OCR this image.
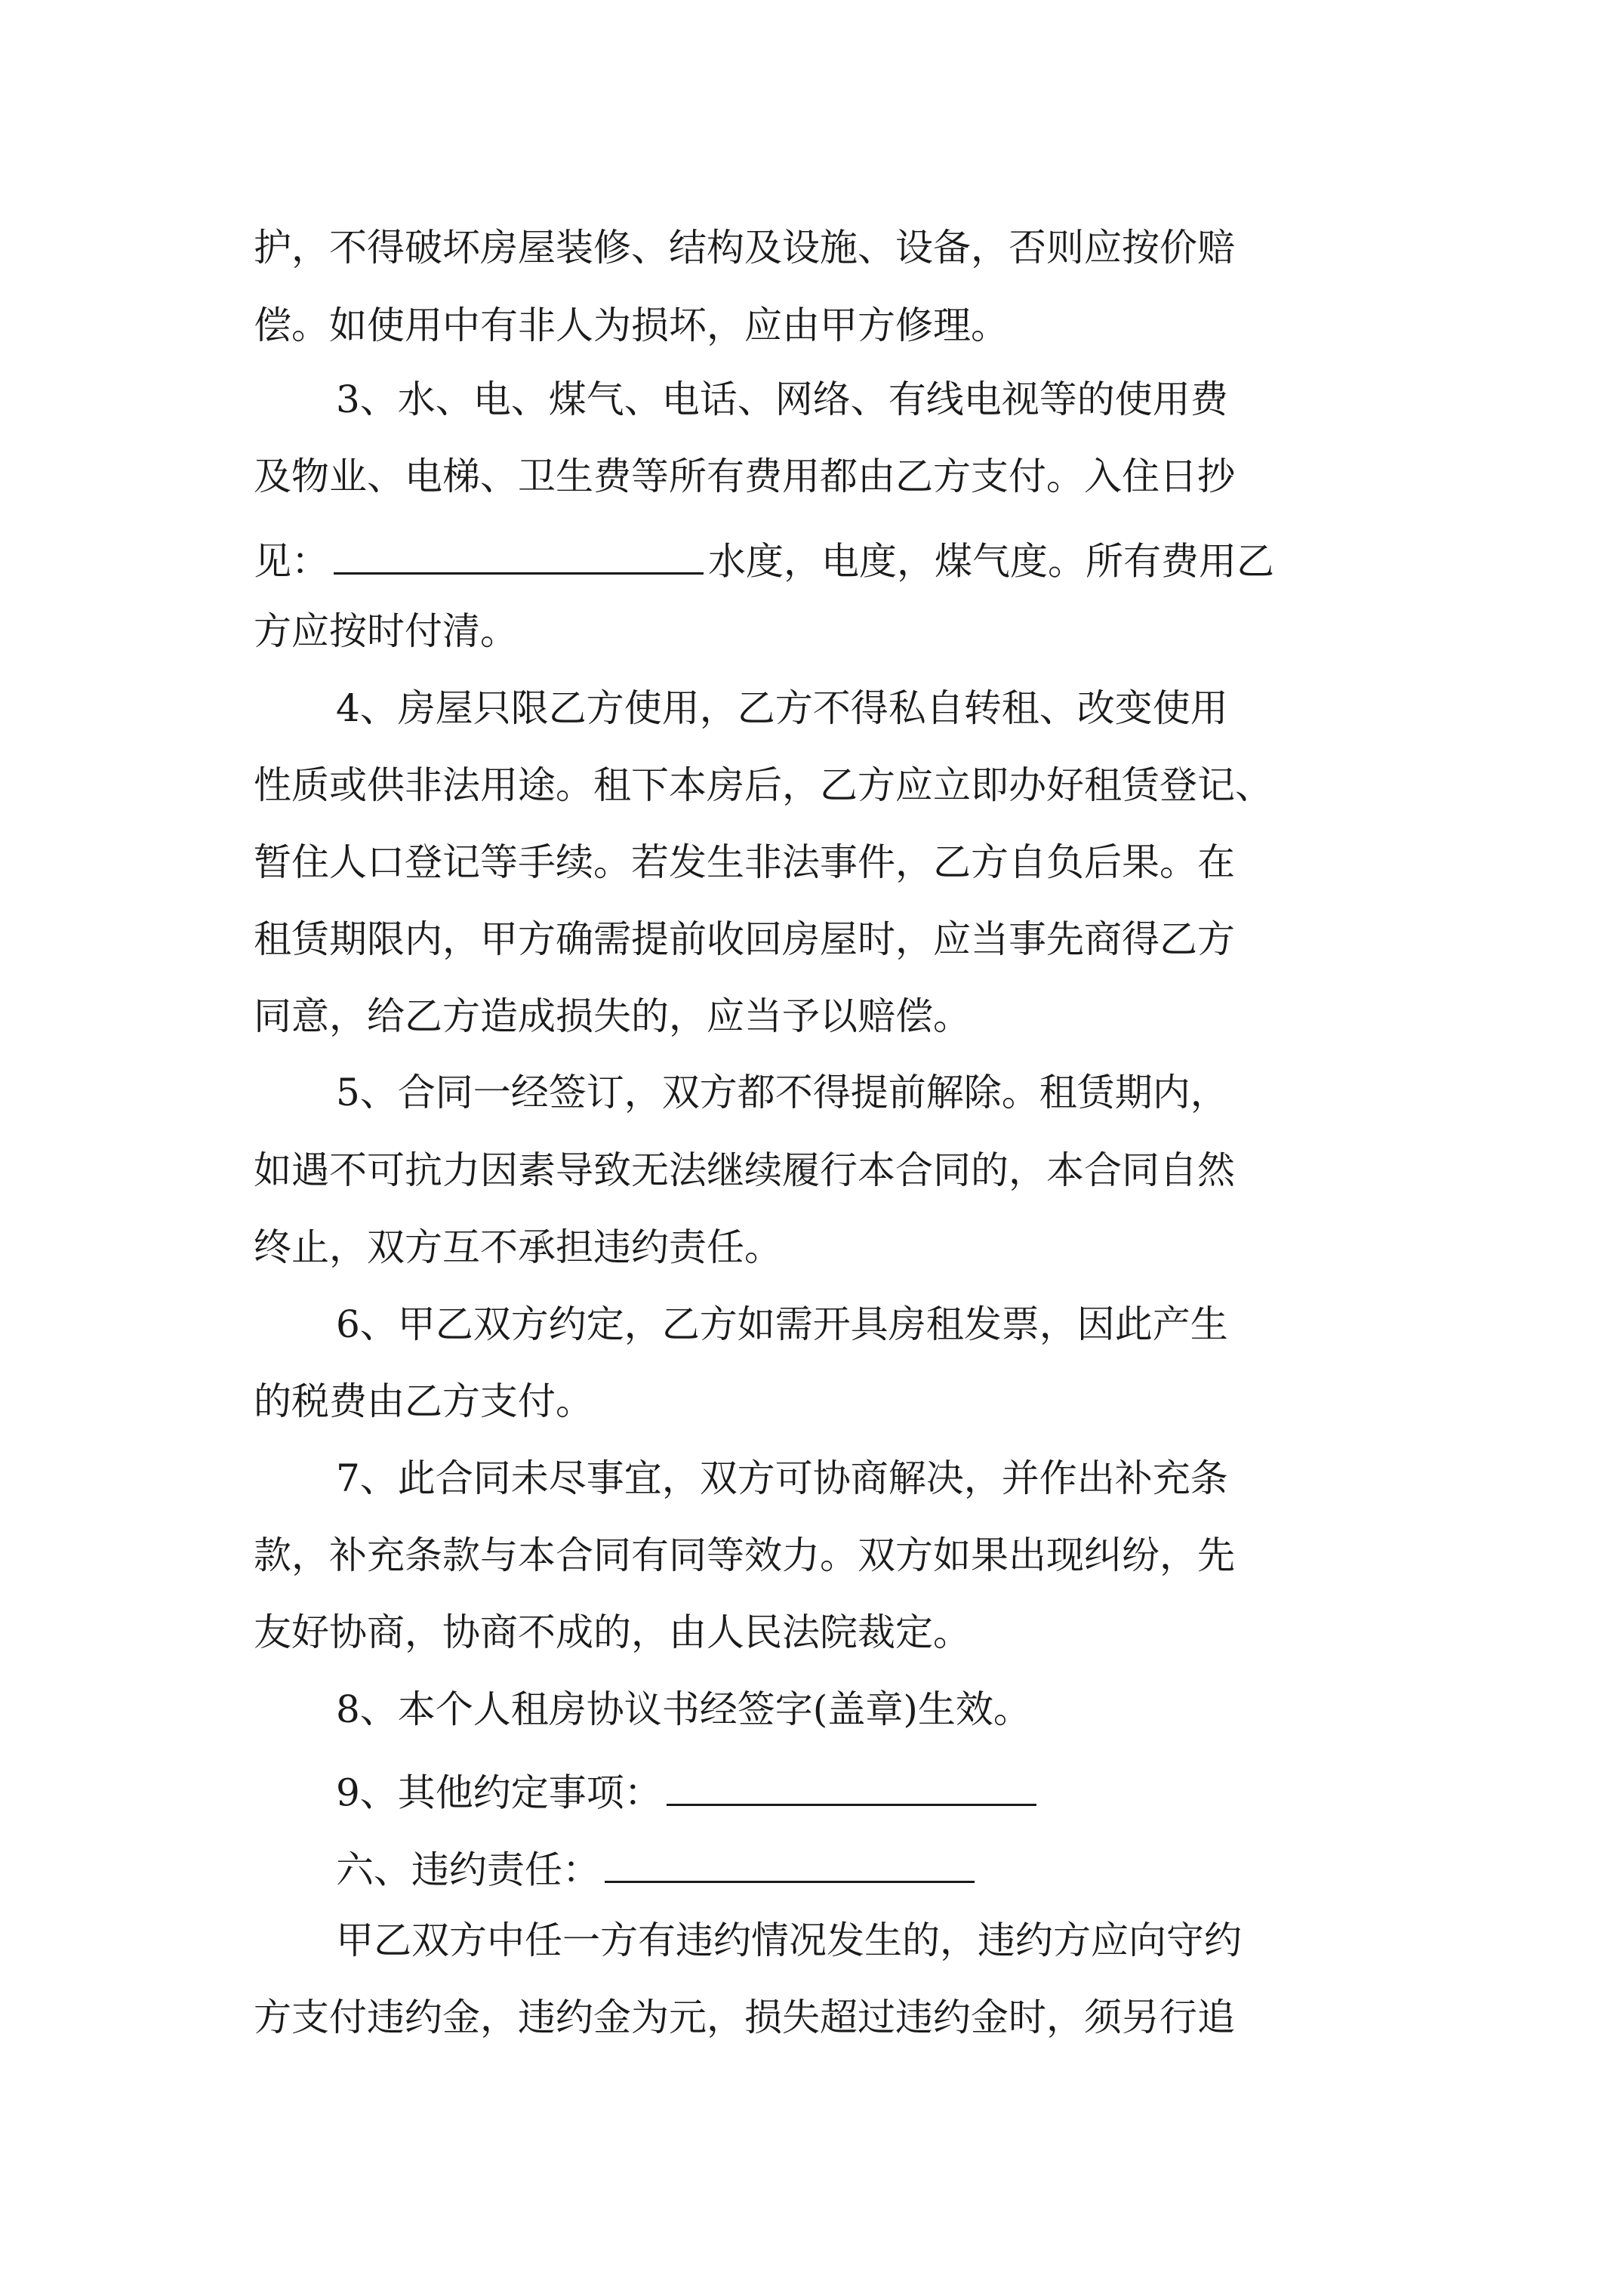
护，不得破坏房屋装修、结构及设施、设备，否则应按价赔
偿。如使用中有非人为损坏，应由甲方修理。
3、水、电、煤气、电话、网络、有线电视等的使用费
及物业、电梯、卫生费等所有费用都由乙方支付。入住日抄
见：	水度，电度，煤气度。所有费用乙
方应按时付清。
4、房屋只限乙方使用，乙方不得私自转租、改变使用
性质或供非法用途。租下本房后，乙方应立即办好租赁登记、
暂住人口登记等手续。若发生非法事件，乙方自负后果。在
租赁期限内，甲方确需提前收回房屋时，应当事先商得乙方
同意，给乙方造成损失的，应当予以赔偿。
5、合同一经签订，双方都不得提前解除。租赁期内，
如遇不可抗力因素导致无法继续履行本合同的，本合同自然
终止，双方互不承担违约责任。
6、甲乙双方约定，乙方如需开具房租发票，因此产生
的税费由乙方支付。
7、此合同未尽事宜，双方可协商解决，并作出补充条
款，补充条款与本合同有同等效力。双方如果出现纠纷，先
友好协商，协商不成的，由人民法院裁定。
8、本个人租房协议书经签字(盖章)生效。
9、其他约定事项：
六、违约责任：
甲乙双方中任一方有违约情况发生的，违约方应向守约
方支付违约金，违约金为元，损失超过违约金时，须另行追
